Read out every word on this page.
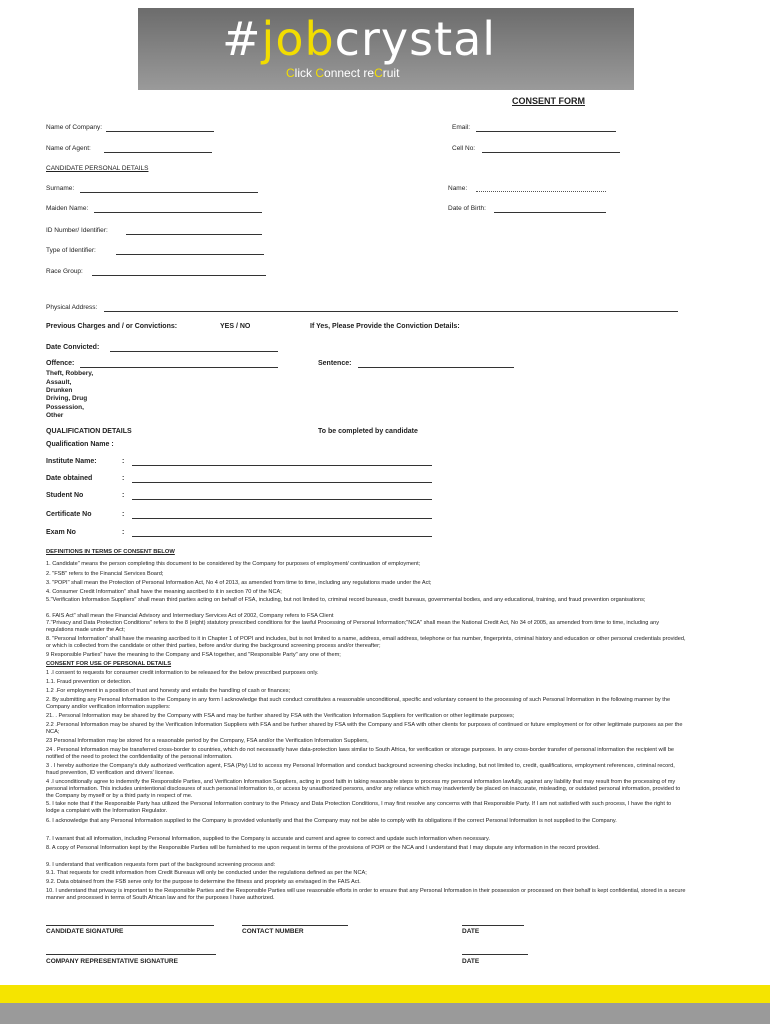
#jobcrystal
Click Connect reCruit
CONSENT FORM
Name of Company:	Email:
Name of Agent:	Cell No:
CANDIDATE PERSONAL DETAILS
Surname:	Name:
Maiden Name:	Date of Birth:
ID Number/ Identifier:
Type of Identifier:
Race Group:
Physical Address:
Previous Charges and / or Convictions:	YES / NO	If Yes, Please Provide the Conviction Details:
Date Convicted:
Offence:	Sentence:
Theft, Robbery,
Assault,
Drunken
Driving, Drug
Possession,
Other
QUALIFICATION DETAILS	To be completed by candidate
Qualification Name :
Institute Name:	:
Date obtained	:
Student No	:
Certificate No	:
Exam No	:
DEFINITIONS IN TERMS OF CONSENT BELOW
1. Candidate" means the person completing this document to be considered by the Company for purposes of employment/ continuation of employment;
2. "FSB" refers to the Financial Services Board;
3. "POPI" shall mean the Protection of Personal Information Act, No 4 of 2013, as amended from time to time, including any regulations made under the Act;
4. Consumer Credit Information" shall have the meaning ascribed to it in section 70 of the NCA;
5."Verification Information Suppliers" shall mean third parties acting on behalf of FSA, including, but not limited to, criminal record bureaus, credit bureaus, governmental bodies, and any educational, training, and fraud prevention organisations;
6. FAIS Act" shall mean the Financial Advisory and Intermediary Services Act of 2002, Company refers to FSA Client
7."Privacy and Data Protection Conditions" refers to the 8 (eight) statutory prescribed conditions for the lawful Processing of Personal Information;"NCA" shall mean the National Credit Act, No 34 of 2005, as amended from time to time, including any regulations made under the Act;
8. "Personal Information" shall have the meaning ascribed to it in Chapter 1 of POPI and includes, but is not limited to a name, address, email address, telephone or fax number, fingerprints, criminal history and education or other personal credentials provided, or which is collected from the candidate or other third parties, before and/or during the background screening process and/or thereafter;
9 Responsible Parties" have the meaning to the Company and FSA together, and "Responsible Party" any one of them;
CONSENT FOR USE OF PERSONAL DETAILS
1 .I consent to requests for consumer credit information to be released for the below prescribed purposes only.
1.1. Fraud prevention or detection.
1.2 .For employment in a position of trust and honesty and entails the handling of cash or finances;
2. By submitting any Personal Information to the Company in any form I acknowledge that such conduct constitutes a reasonable unconditional, specific and voluntary consent to the processing of such Personal Information in the following manner by the Company and/or verification information suppliers:
21. . Personal Information may be shared by the Company with FSA and may be further shared by FSA with the Verification Information Suppliers for verification or other legitimate purposes;
2.2 .Personal Information may be shared by the Verification Information Suppliers with FSA and be further shared by FSA with the Company and FSA with other clients for purposes of continued or future employment or for other legitimate purposes as per the NCA;
23 Personal Information may be stored for a reasonable period by the Company, FSA and/or the Verification Information Suppliers,
24 . Personal Information may be transferred cross-border to countries, which do not necessarily have data-protection laws similar to South Africa, for verification or storage purposes. In any cross-border transfer of personal information the recipient will be notified of the need to protect the confidentiality of the personal information.
3 . I hereby authorize the Company's duly authorized verification agent, FSA (Pty) Ltd to access my Personal Information and conduct background screening checks including, but not limited to, credit, qualifications, employment references, criminal record, fraud prevention, ID verification and drivers' license.
4 .I unconditionally agree to indemnify the Responsible Parties, and Verification Information Suppliers, acting in good faith in taking reasonable steps to process my personal information lawfully, against any liability that may result from the processing of my personal information. This includes unintentional disclosures of such personal information to, or access by unauthorized persons, and/or any reliance which may inadvertently be placed on inaccurate, misleading, or outdated personal information, provided to the Company by myself or by a third party in respect of me.
5. I take note that if the Responsible Party has utilized the Personal Information contrary to the Privacy and Data Protection Conditions, I may first resolve any concerns with that Responsible Party. If I am not satisfied with such process, I have the right to lodge a complaint with the Information Regulator.
6. I acknowledge that any Personal Information supplied to the Company is provided voluntarily and that the Company may not be able to comply with its obligations if the correct Personal Information is not supplied to the Company.
7. I warrant that all information, including Personal Information, supplied to the Company is accurate and current and agree to correct and update such information when necessary.
8. A copy of Personal Information kept by the Responsible Parties will be furnished to me upon request in terms of the provisions of POPI or the NCA and I understand that I may dispute any information in the record provided.
9. I understand that verification requests form part of the background screening process and:
9.1. That requests for credit information from Credit Bureaus will only be conducted under the regulations defined as per the NCA;
9.2. Data obtained from the FSB serve only for the purpose to determine the fitness and propriety as envisaged in the FAIS Act.
10. I understand that privacy is important to the Responsible Parties and the Responsible Parties will use reasonable efforts in order to ensure that any Personal Information in their possession or processed on their behalf is kept confidential, stored in a secure manner and processed in terms of South African law and for the purposes I have authorized.
CANDIDATE SIGNATURE	CONTACT NUMBER	DATE
COMPANY REPRESENTATIVE SIGNATURE	DATE
